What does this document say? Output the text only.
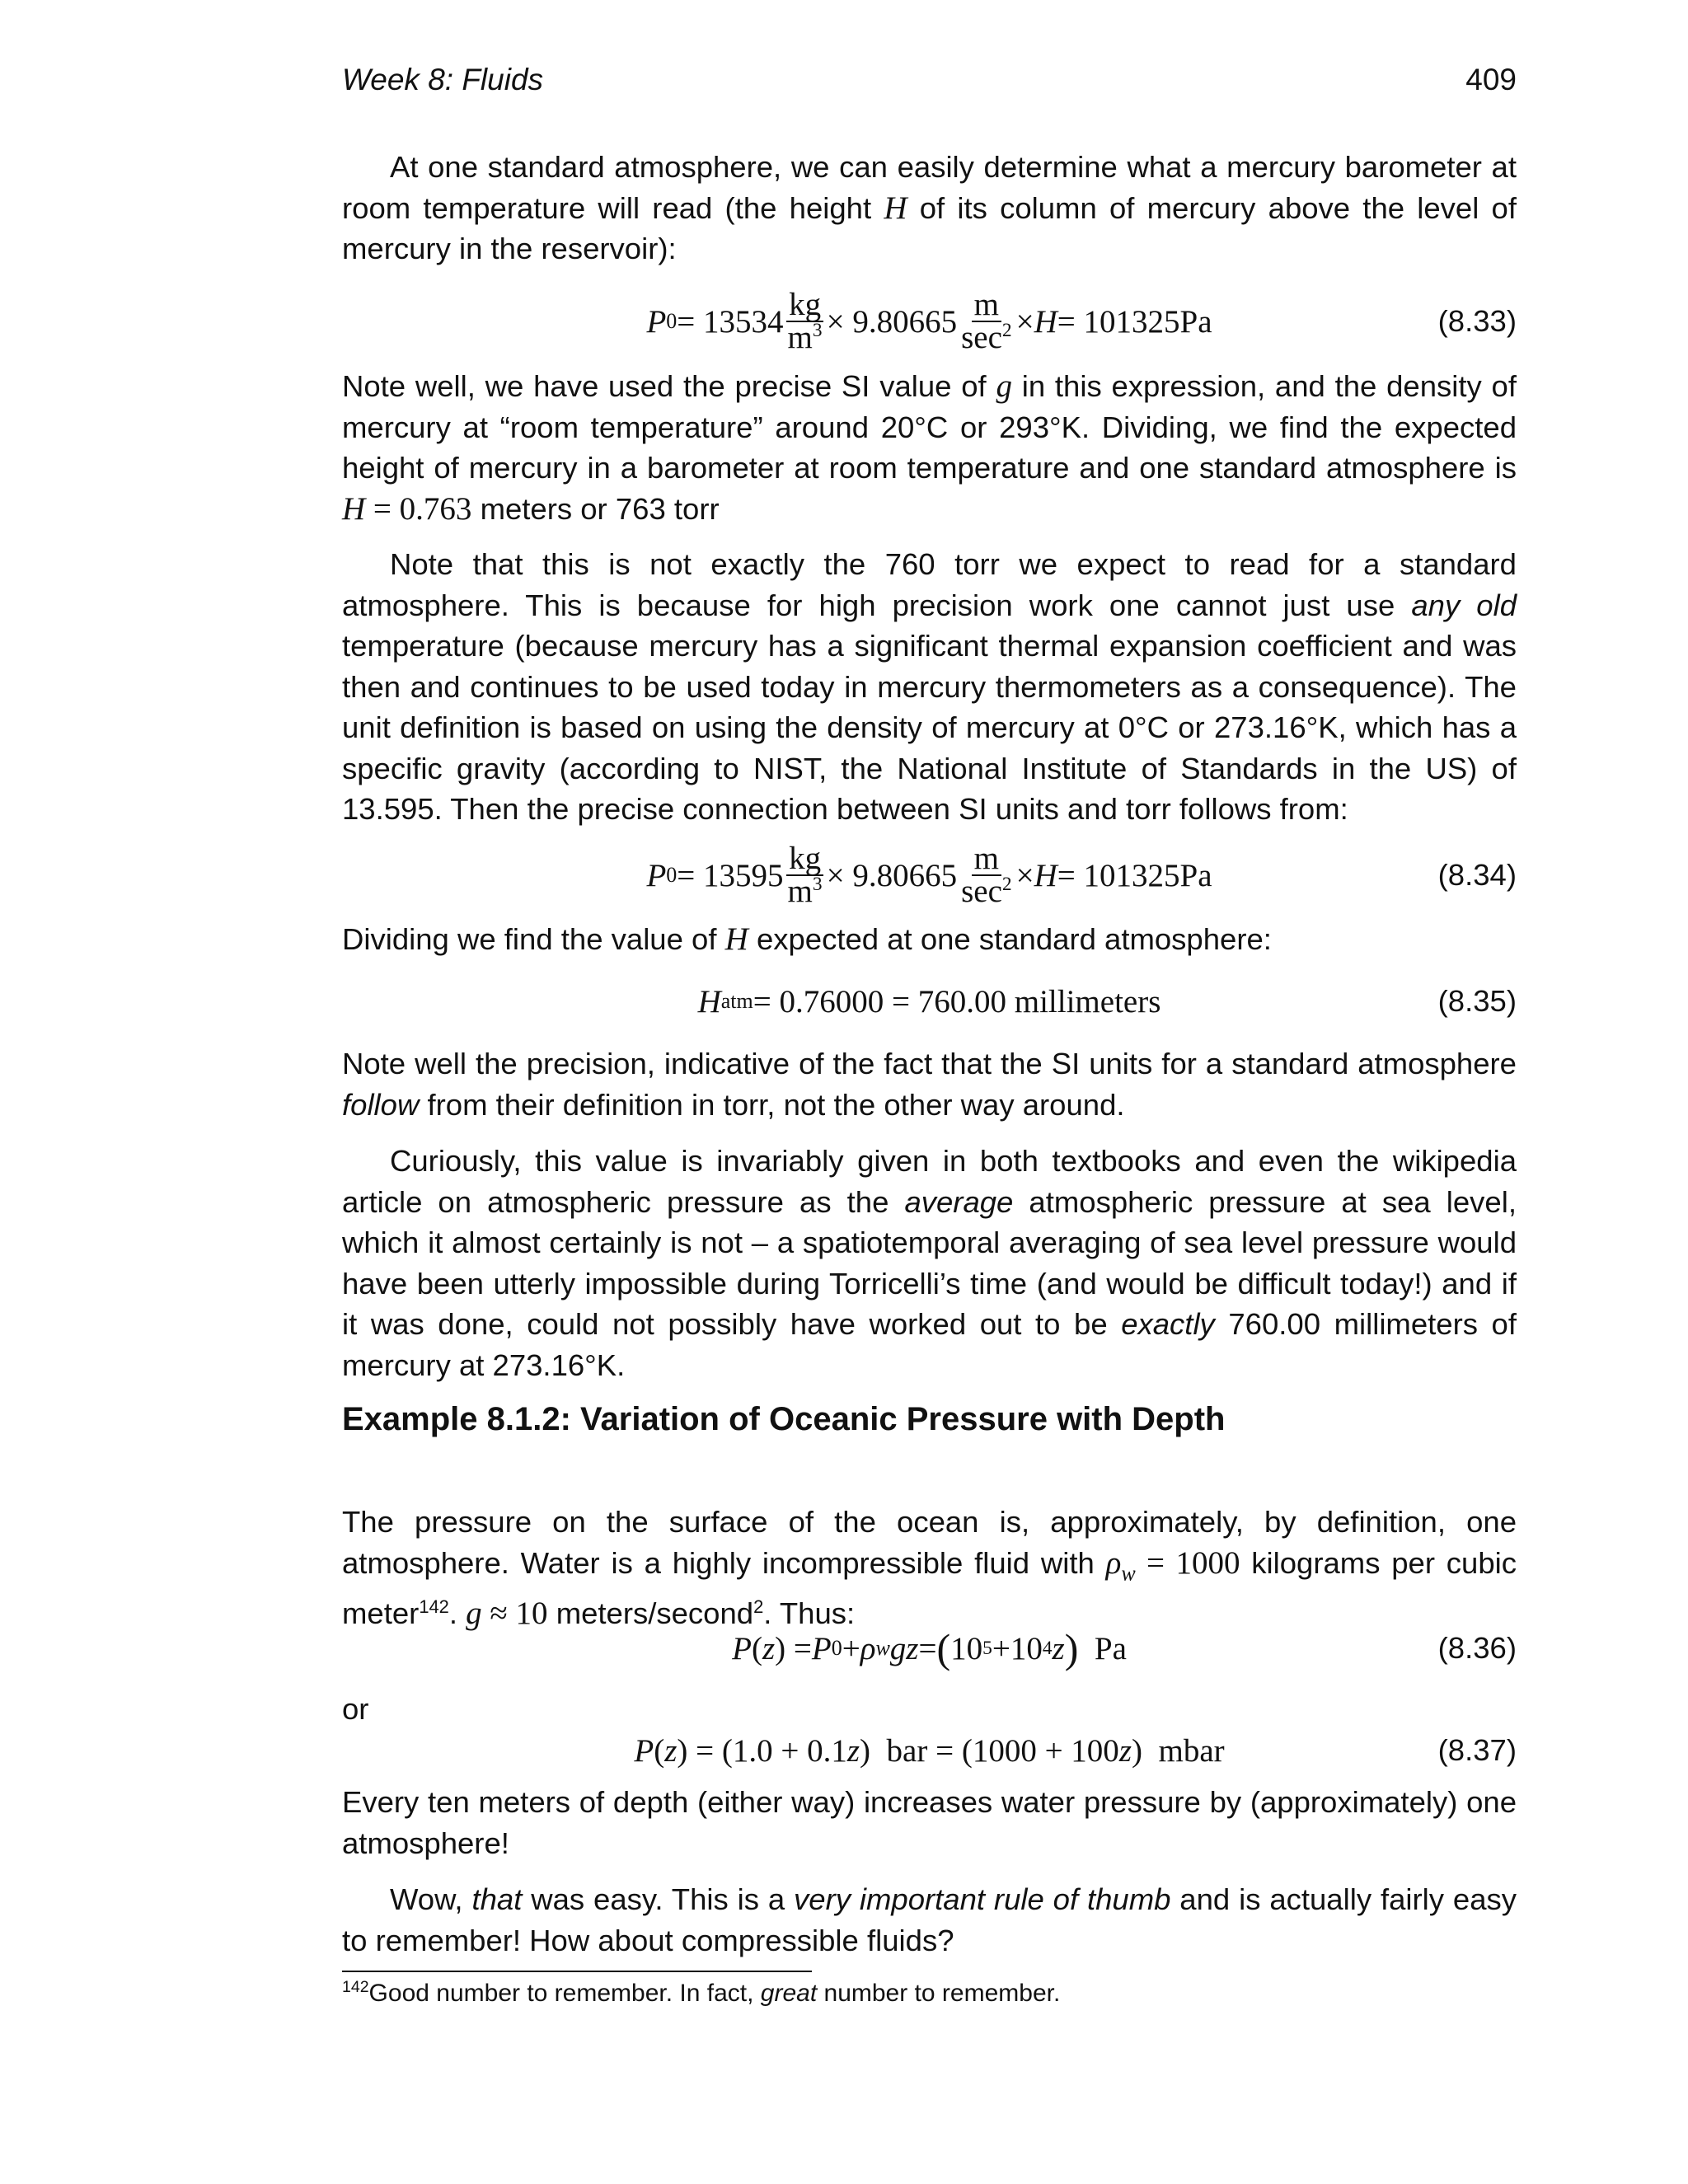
Week 8: Fluids	409
At one standard atmosphere, we can easily determine what a mercury barometer at room temperature will read (the height H of its column of mercury above the level of mercury in the reservoir):
P $0 = 13534 \frac{kg}{m^3} \times 9.80665 \frac{m}{\sec^2} \times H = 101325Pa$	(8.33)
Note well, we have used the precise SI value of g in this expression, and the density of mercury at “room temperature” around 20°C or 293°K. Dividing, we find the expected height of mercury in a barometer at room temperature and one standard atmosphere is H = 0.763 meters or 763 torr
Note that this is not exactly the 760 torr we expect to read for a standard atmosphere. This is because for high precision work one cannot just use any old temperature (because mercury has a significant thermal expansion coefficient and was then and continues to be used today in mercury thermometers as a consequence). The unit definition is based on using the density of mercury at 0°C or 273.16°K, which has a specific gravity (according to NIST, the National Institute of Standards in the US) of 13.595. Then the precise connection between SI units and torr follows from:
P $0 = 13595 \frac{kg}{m^3} \times 9.80665 \frac{m}{\sec^2} \times H = 101325Pa$	(8.34)
Dividing we find the value of H expected at one standard atmosphere:
H atm = 0.76000 = 760.00 millimeters	(8.35)
Note well the precision, indicative of the fact that the SI units for a standard atmosphere follow from their definition in torr, not the other way around.
Curiously, this value is invariably given in both textbooks and even the wikipedia article on atmospheric pressure as the average atmospheric pressure at sea level, which it almost certainly is not – a spatiotemporal averaging of sea level pressure would have been utterly impossible during Torricelli’s time (and would be difficult today!) and if it was done, could not possibly have worked out to be exactly 760.00 millimeters of mercury at 273.16°K.
Example 8.1.2: Variation of Oceanic Pressure with Depth
The pressure on the surface of the ocean is, approximately, by definition, one atmosphere. Water is a highly incompressible fluid with $\rho_w = 1000$ kilograms per cubic meter$^{142}$. g ≈ 10 meters/second$^2$. Thus:
P ( z ) = P 0 + ρ w gz = ( 10 5 + 10 4 z ) Pa	(8.36)
or
P ( z ) = (1.0 + 0.1 z )  bar = (1000 + 100 z )  mbar	(8.37)
Every ten meters of depth (either way) increases water pressure by (approximately) one atmosphere!
Wow, that was easy. This is a very important rule of thumb and is actually fairly easy to remember! How about compressible fluids?
$^{142}$Good number to remember. In fact, great number to remember.
